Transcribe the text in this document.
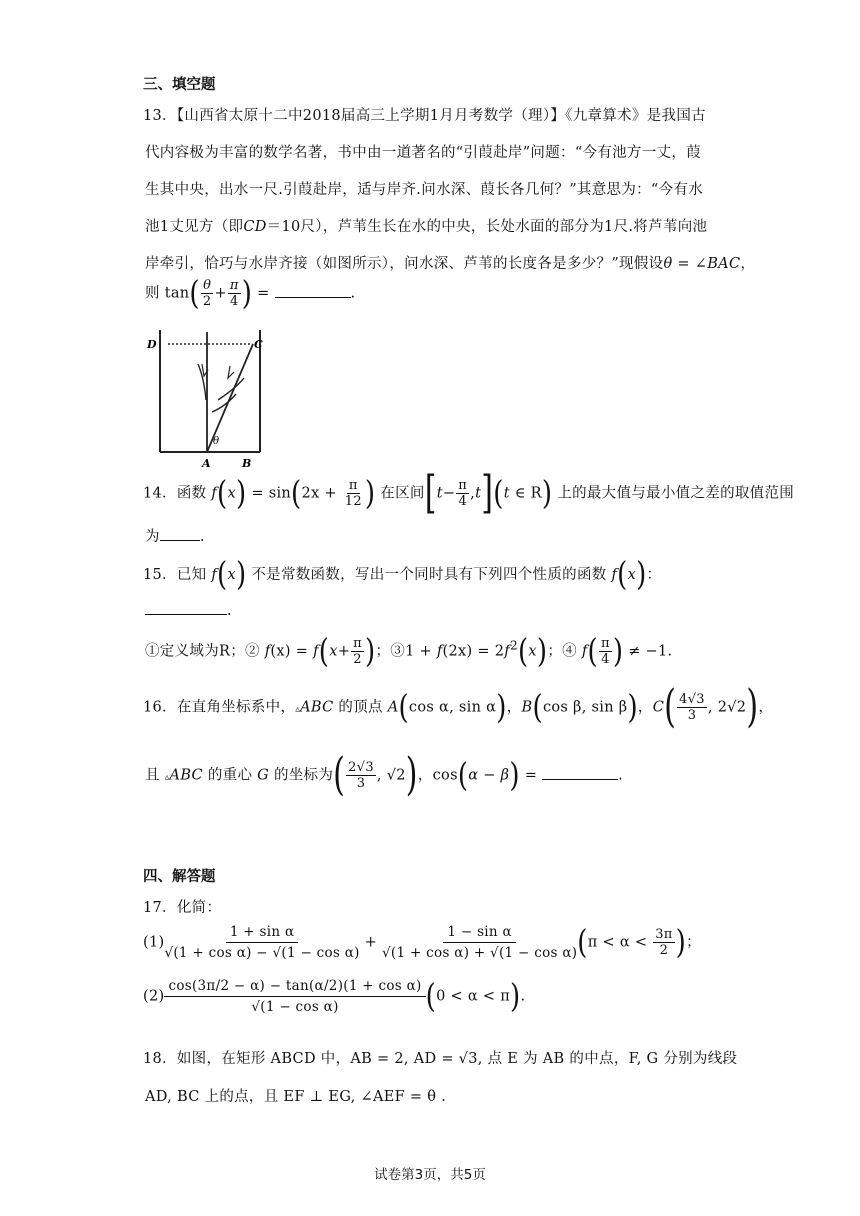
三、填空题
13．【山西省太原十二中2018届高三上学期1月月考数学（理）】《九章算术》是我国古
代内容极为丰富的数学名著，书中由一道著名的“引葭赴岸”问题：“今有池方一丈，葭
生其中央，出水一尺.引葭赴岸，适与岸齐.问水深、葭长各几何？”其意思为：“今有水
池1丈见方（即CD＝10尺），芦苇生长在水的中央，长处水面的部分为1尺.将芦苇向池
岸牵引，恰巧与水岸齐接（如图所示），问水深、芦苇的长度各是多少？”现假设θ = ∠BAC，
则 $\tan( \frac{\theta}{2} + \frac{\pi}{4}$ ) =	.
D	C
A	B
θ
14．函数 $f(x) = \sin(2x + \frac{\pi}{12}$ ) 在区间$[t- \frac{\pi}{4} ,t](t$ ∈ R) 上的最大值与最小值之差的取值范围
为	.
15．已知 f(x) 不是常数函数，写出一个同时具有下列四个性质的函数 f(x)：
.
①定义域为R；② $f(x) = f(x+ \frac{\pi}{2}$ )；③1 + $f(2x) = 2f^2(x)$；④ $f( \frac{\pi}{4}$ ) ≠ −1.
16．在直角坐标系中，▵ABC 的顶点 A(cos α, sin α)，B(cos β, sin β)，$C( \frac{4√3}{3}$ , 2√2)，
且 ▵ABC 的重心 G 的坐标为( $\frac{2√3}{3}$ , √2)，cos(α − β) =	.
四、解答题
17．化简：
$(1) \frac{\text{1 + sin α}}{\text{√(1 + cos α) − √(1 − cos α)}} + \frac{\text{1 − sin α}}{\text{√(1 + cos α) + √(1 − cos α)}} (\pi < \alpha < \frac{3\pi}{2}$ )；
$(2) \frac{\text{cos(3π/2 − α) − tan(α/2)(1 + cos α)}}{\text{√(1 − cos α)}} (0 < \alpha < \pi)$.
18．如图，在矩形 ABCD 中，AB = 2, AD = √3, 点 E 为 AB 的中点，F, G 分别为线段
AD, BC 上的点，且 EF ⊥ EG, ∠AEF = θ .
试卷第3页，共5页
